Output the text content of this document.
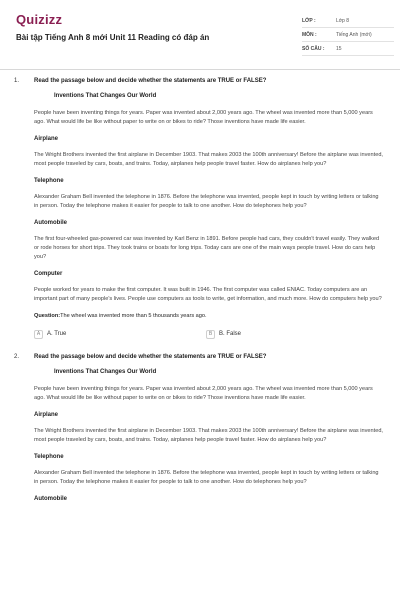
Quizizz
Bài tập Tiếng Anh 8 mới Unit 11 Reading có đáp án
LỚP :	Lớp 8
MÔN :	Tiếng Anh (mới)
SỐ CÂU :	15
1. Read the passage below and decide whether the statements are TRUE or FALSE?
Inventions That Changes Our World
People have been inventing things for years. Paper was invented about 2,000 years ago. The wheel was invented more than 5,000 years ago. What would life be like without paper to write on or bikes to ride? Those inventions have made life easier.
Airplane
The Wright Brothers invented the first airplane in December 1903. That makes 2003 the 100th anniversary! Before the airplane was invented, most people traveled by cars, boats, and trains. Today, airplanes help people travel faster. How do airplanes help you?
Telephone
Alexander Graham Bell invented the telephone in 1876. Before the telephone was invented, people kept in touch by writing letters or talking in person. Today the telephone makes it easier for people to talk to one another. How do telephones help you?
Automobile
The first four-wheeled gas-powered car was invented by Karl Benz in 1891. Before people had cars, they couldn't travel easily. They walked or rode horses for short trips. They took trains or boats for long trips. Today cars are one of the main ways people travel. How do cars help you?
Computer
People worked for years to make the first computer. It was built in 1946. The first computer was called ENIAC. Today computers are an important part of many people's lives. People use computers as tools to write, get information, and much more. How do computers help you?
Question:The wheel was invented more than 5 thousands years ago.
A	A. True	B	B. False
2. Read the passage below and decide whether the statements are TRUE or FALSE?
Inventions That Changes Our World
People have been inventing things for years. Paper was invented about 2,000 years ago. The wheel was invented more than 5,000 years ago. What would life be like without paper to write on or bikes to ride? Those inventions have made life easier.
Airplane
The Wright Brothers invented the first airplane in December 1903. That makes 2003 the 100th anniversary! Before the airplane was invented, most people traveled by cars, boats, and trains. Today, airplanes help people travel faster. How do airplanes help you?
Telephone
Alexander Graham Bell invented the telephone in 1876. Before the telephone was invented, people kept in touch by writing letters or talking in person. Today the telephone makes it easier for people to talk to one another. How do telephones help you?
Automobile
